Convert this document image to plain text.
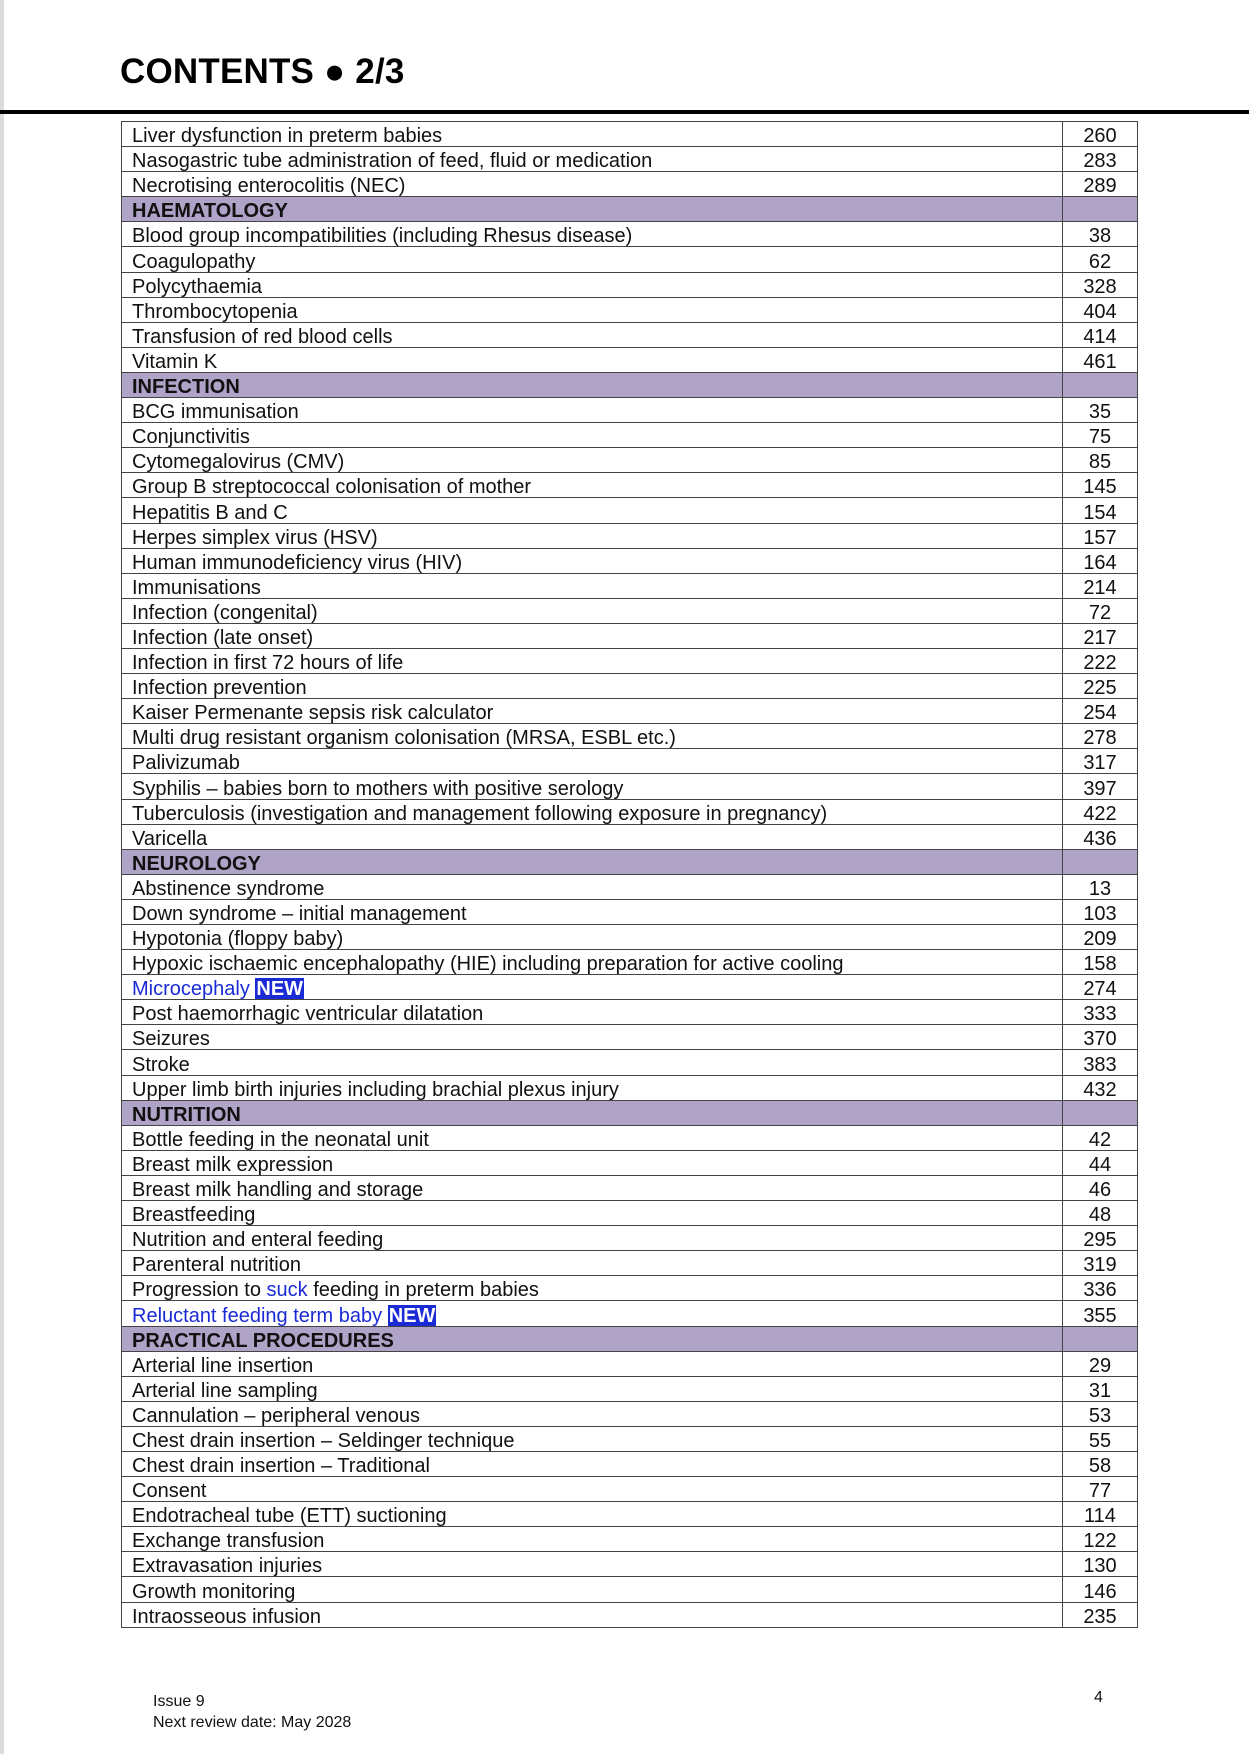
CONTENTS ● 2/3
Liver dysfunction in preterm babies	260
Nasogastric tube administration of feed, fluid or medication	283
Necrotising enterocolitis (NEC)	289
HAEMATOLOGY	
Blood group incompatibilities (including Rhesus disease)	38
Coagulopathy	62
Polycythaemia	328
Thrombocytopenia	404
Transfusion of red blood cells	414
Vitamin K	461
INFECTION	
BCG immunisation	35
Conjunctivitis	75
Cytomegalovirus (CMV)	85
Group B streptococcal colonisation of mother	145
Hepatitis B and C	154
Herpes simplex virus (HSV)	157
Human immunodeficiency virus (HIV)	164
Immunisations	214
Infection (congenital)	72
Infection (late onset)	217
Infection in first 72 hours of life	222
Infection prevention	225
Kaiser Permenante sepsis risk calculator	254
Multi drug resistant organism colonisation (MRSA, ESBL etc.)	278
Palivizumab	317
Syphilis – babies born to mothers with positive serology	397
Tuberculosis (investigation and management following exposure in pregnancy)	422
Varicella	436
NEUROLOGY	
Abstinence syndrome	13
Down syndrome – initial management	103
Hypotonia (floppy baby)	209
Hypoxic ischaemic encephalopathy (HIE) including preparation for active cooling	158
Microcephaly NEW	274
Post haemorrhagic ventricular dilatation	333
Seizures	370
Stroke	383
Upper limb birth injuries including brachial plexus injury	432
NUTRITION	
Bottle feeding in the neonatal unit	42
Breast milk expression	44
Breast milk handling and storage	46
Breastfeeding	48
Nutrition and enteral feeding	295
Parenteral nutrition	319
Progression to suck feeding in preterm babies	336
Reluctant feeding term baby NEW	355
PRACTICAL PROCEDURES	
Arterial line insertion	29
Arterial line sampling	31
Cannulation – peripheral venous	53
Chest drain insertion – Seldinger technique	55
Chest drain insertion – Traditional	58
Consent	77
Endotracheal tube (ETT) suctioning	114
Exchange transfusion	122
Extravasation injuries	130
Growth monitoring	146
Intraosseous infusion	235
Issue 9
Next review date: May 2028
4
